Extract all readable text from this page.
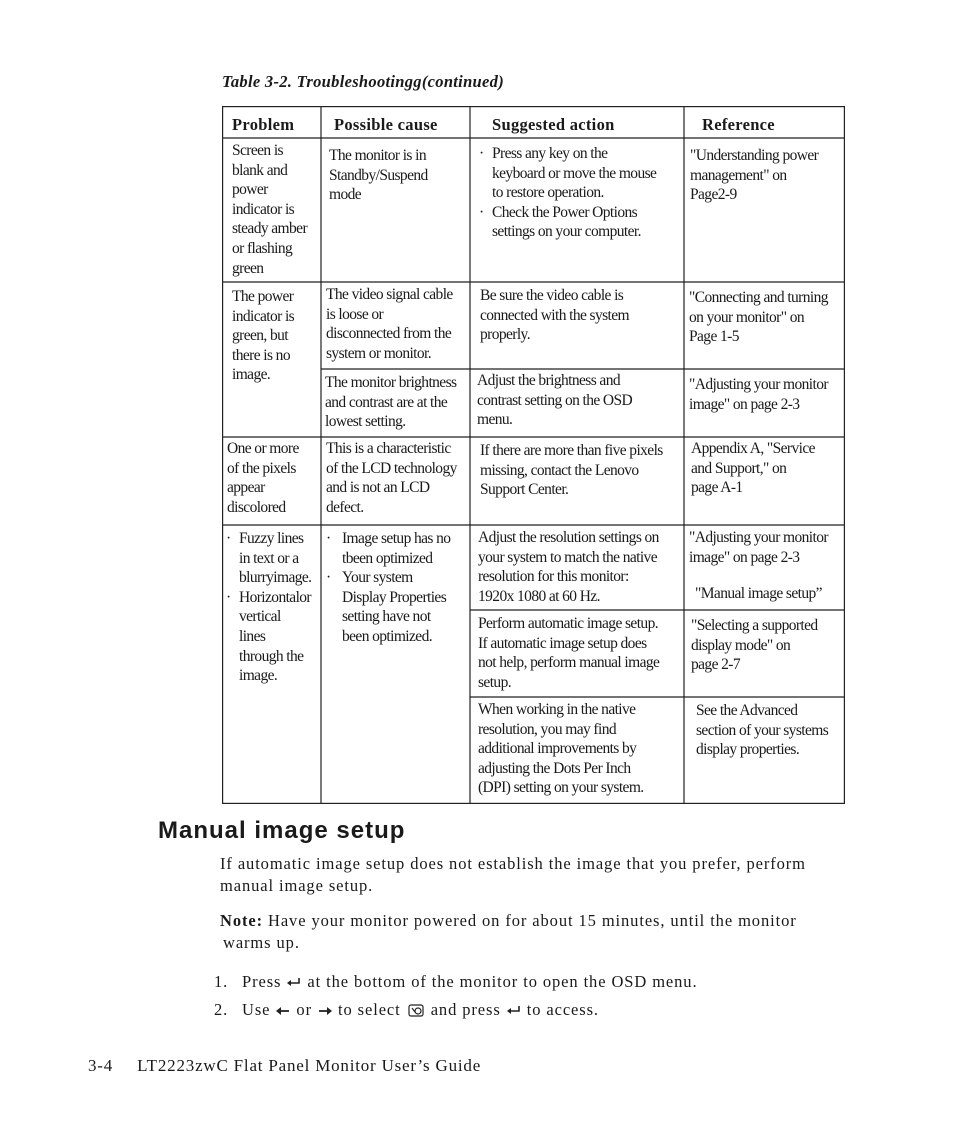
Table 3-2. Troubleshootingg(continued)
Problem Possible cause	Suggested action	Reference
Screen is
blank and
power
indicator is
steady amber
or flashing
green
The monitor is in
Standby/Suspend
mode
· Press any key on the
keyboard or move the mouse
to restore operation.
· Check the Power Options
settings on your computer.
"Understanding power
management" on
Page2-9
The power
indicator is
green, but
there is no
image.
The video signal cable
is loose or
disconnected from the
system or monitor.
Be sure the video cable is
connected with the system
properly.
"Connecting and turning
on your monitor" on
Page 1-5
The monitor brightness
and contrast are at the
lowest setting.
Adjust the brightness and
contrast setting on the OSD
menu.
"Adjusting your monitor
image" on page 2-3
One or more
of the pixels
appear
discolored
This is a characteristic
of the LCD technology
and is not an LCD
defect.
If there are more than five pixels
missing, contact the Lenovo
Support Center.
Appendix A, "Service
and Support," on
page A-1
· Fuzzy lines
in text or a
blurryimage.
· Horizontalor
vertical
lines
through the
image.
· Image setup has no
tbeen optimized
· Your system
Display Properties
setting have not
been optimized.
Adjust the resolution settings on
your system to match the native
resolution for this monitor:
1920x 1080 at 60 Hz.
"Adjusting your monitor
image" on page 2-3
"Manual image setup”
Perform automatic image setup.
If automatic image setup does
not help, perform manual image
setup.
"Selecting a supported
display mode" on
page 2-7
When working in the native
resolution, you may find
additional improvements by
adjusting the Dots Per Inch
(DPI) setting on your system.
See the Advanced
section of your systems
display properties.
Manual image setup
If automatic image setup does not establish the image that you prefer, perform
manual image setup.
Note: Have your monitor powered on for about 15 minutes, until the monitor
warms up.
1. Press  at the bottom of the monitor to open the OSD menu.
2. Use  or  to select  and press  to access.
3-4 LT2223zwC Flat Panel Monitor User’s Guide
